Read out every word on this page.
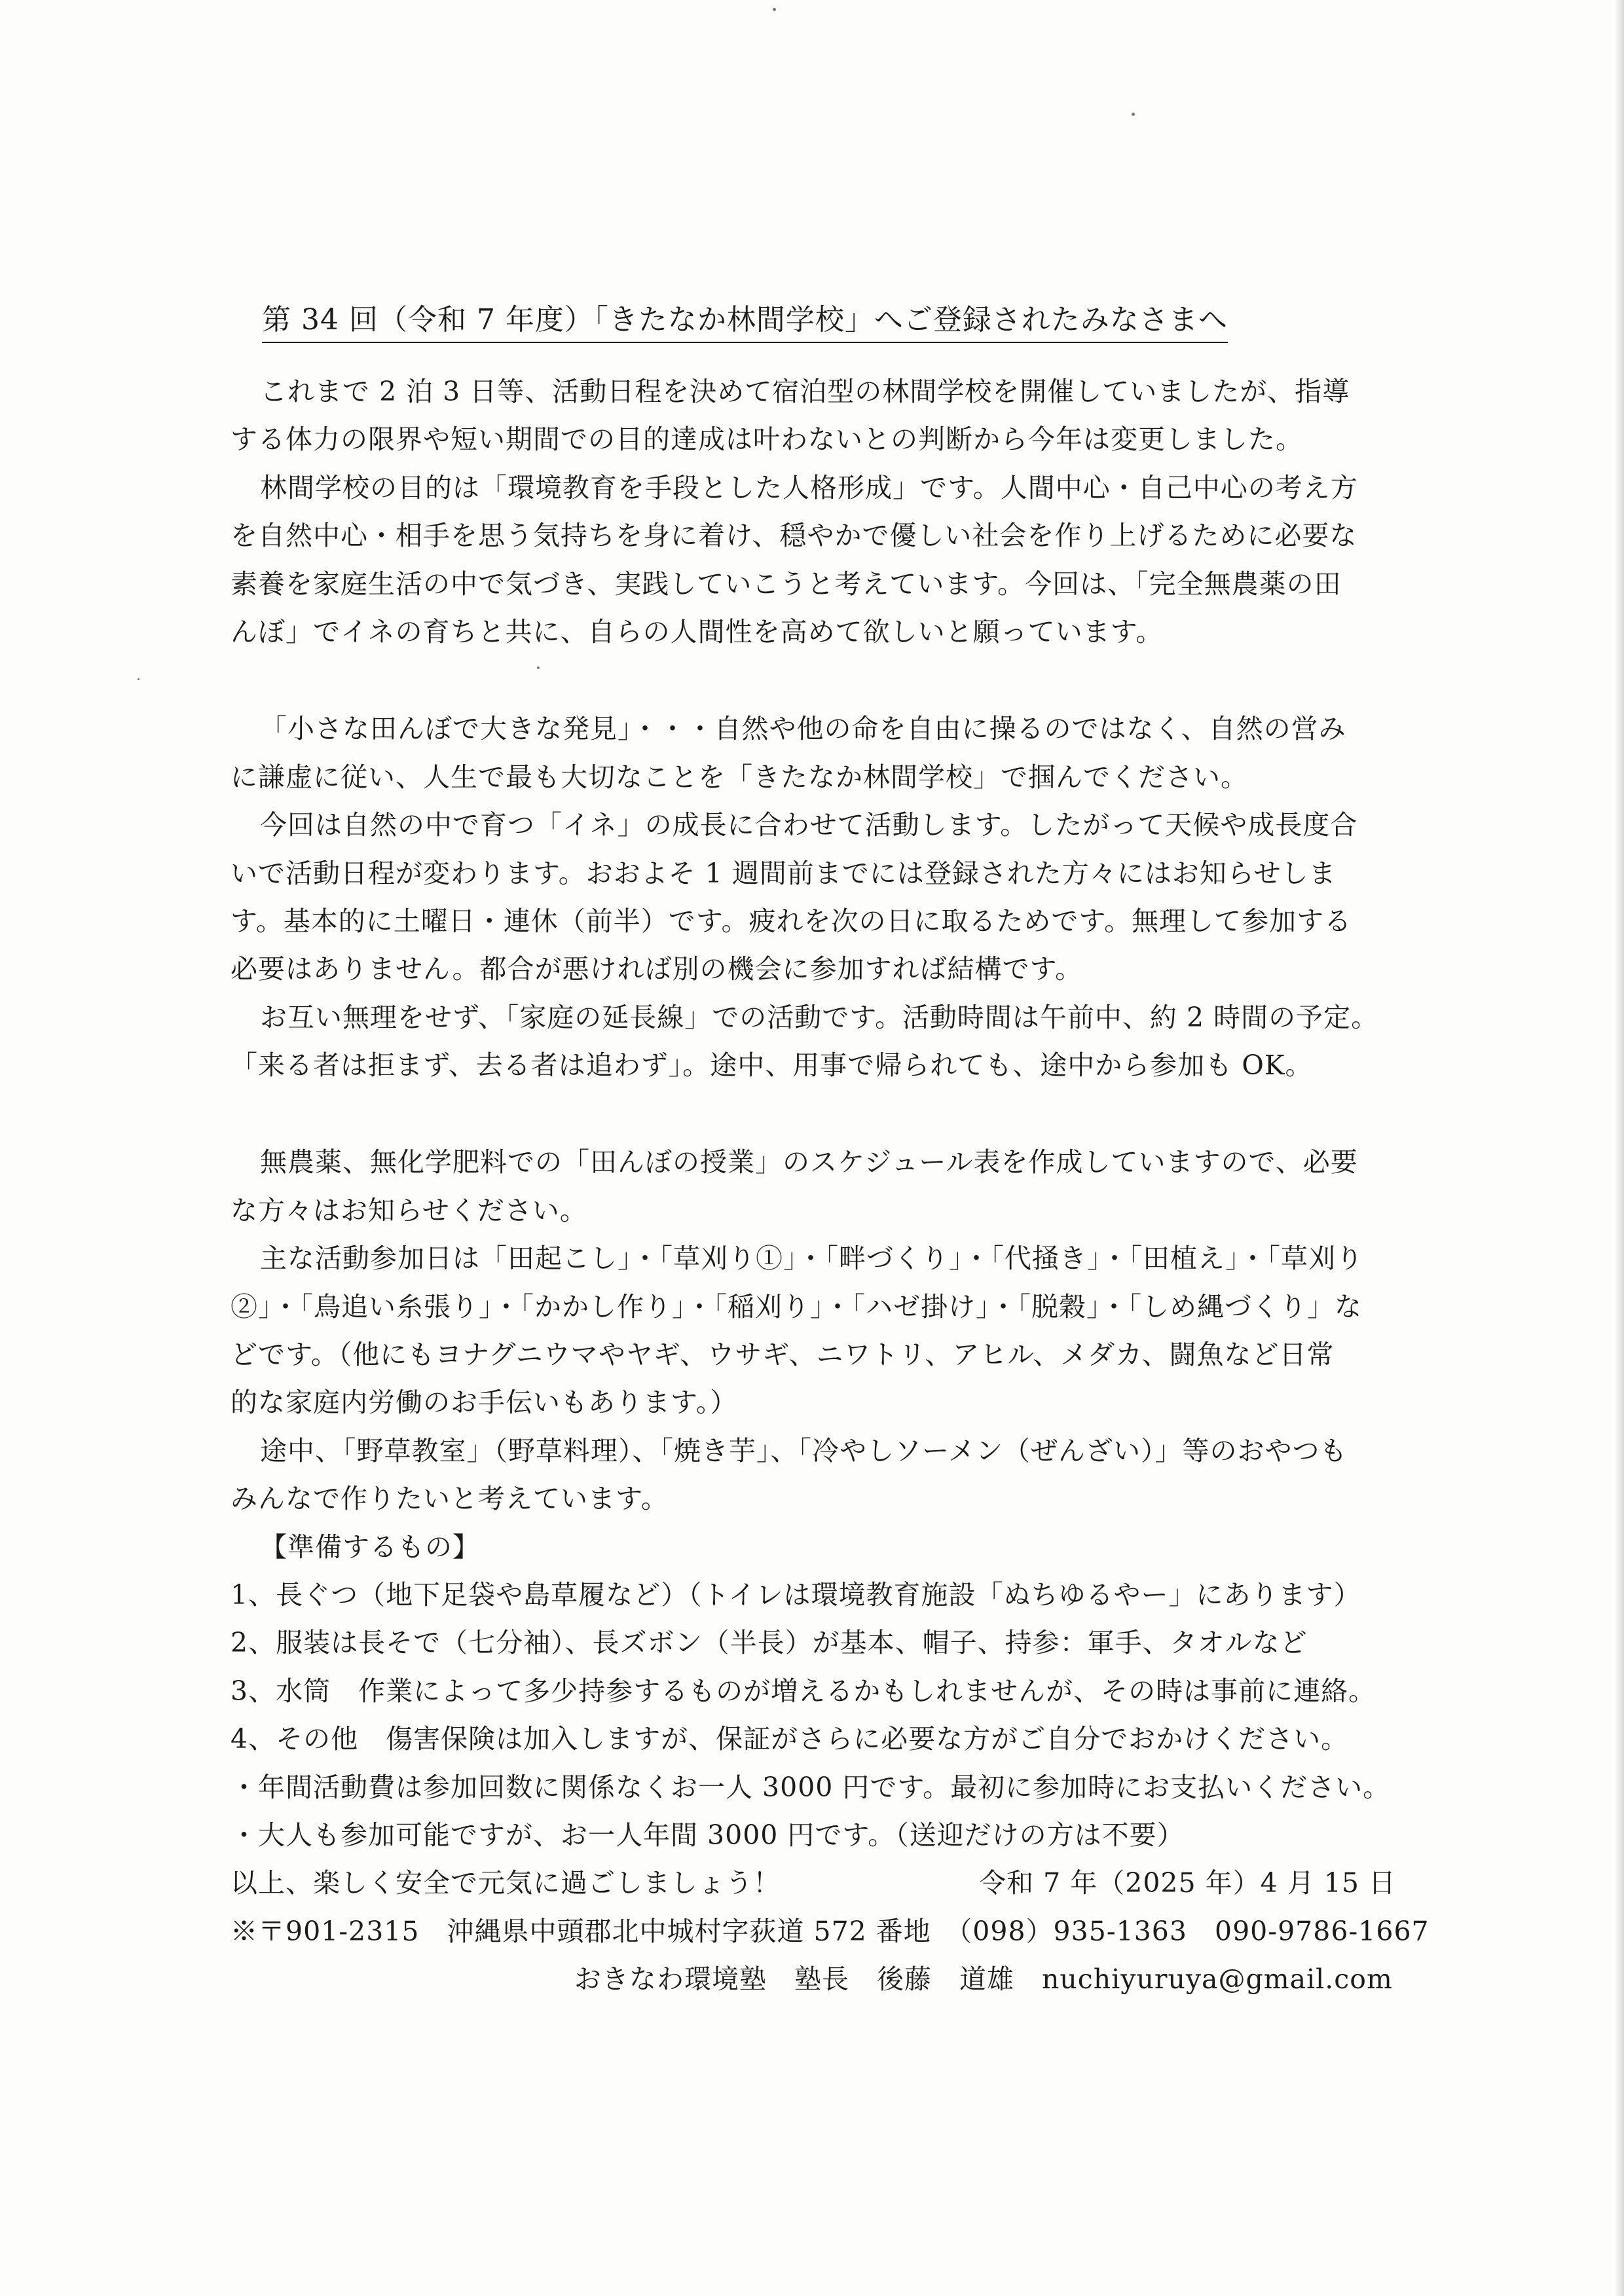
第 34 回（令和 7 年度）「きたなか林間学校」へご登録されたみなさまへ
これまで 2 泊 3 日等、活動日程を決めて宿泊型の林間学校を開催していましたが、指導
する体力の限界や短い期間での目的達成は叶わないとの判断から今年は変更しました。
林間学校の目的は「環境教育を手段とした人格形成」です。人間中心・自己中心の考え方
を自然中心・相手を思う気持ちを身に着け、穏やかで優しい社会を作り上げるために必要な
素養を家庭生活の中で気づき、実践していこうと考えています。今回は、「完全無農薬の田
んぼ」でイネの育ちと共に、自らの人間性を高めて欲しいと願っています。
「小さな田んぼで大きな発見」・・・自然や他の命を自由に操るのではなく、自然の営み
に謙虚に従い、人生で最も大切なことを「きたなか林間学校」で掴んでください。
今回は自然の中で育つ「イネ」の成長に合わせて活動します。したがって天候や成長度合
いで活動日程が変わります。おおよそ 1 週間前までには登録された方々にはお知らせしま
す。基本的に土曜日・連休（前半）です。疲れを次の日に取るためです。無理して参加する
必要はありません。都合が悪ければ別の機会に参加すれば結構です。
お互い無理をせず、「家庭の延長線」での活動です。活動時間は午前中、約 2 時間の予定。
「来る者は拒まず、去る者は追わず」。途中、用事で帰られても、途中から参加も OK。
無農薬、無化学肥料での「田んぼの授業」のスケジュール表を作成していますので、必要
な方々はお知らせください。
主な活動参加日は「田起こし」・「草刈り①」・「畔づくり」・「代掻き」・「田植え」・「草刈り
②」・「鳥追い糸張り」・「かかし作り」・「稲刈り」・「ハゼ掛け」・「脱穀」・「しめ縄づくり」な
どです。（他にもヨナグニウマやヤギ、ウサギ、ニワトリ、アヒル、メダカ、闘魚など日常
的な家庭内労働のお手伝いもあります。）
途中、「野草教室」（野草料理）、「焼き芋」、「冷やしソーメン（ぜんざい）」等のおやつも
みんなで作りたいと考えています。
【準備するもの】
1、長ぐつ（地下足袋や島草履など）（トイレは環境教育施設「ぬちゆるやー」にあります）
2、服装は長そで（七分袖）、長ズボン（半長）が基本、帽子、持参：軍手、タオルなど
3、水筒　作業によって多少持参するものが増えるかもしれませんが、その時は事前に連絡。
4、その他　傷害保険は加入しますが、保証がさらに必要な方がご自分でおかけください。
・年間活動費は参加回数に関係なくお一人 3000 円です。最初に参加時にお支払いください。
・大人も参加可能ですが、お一人年間 3000 円です。（送迎だけの方は不要）
以上、楽しく安全で元気に過ごしましょう！	令和 7 年（2025 年）4 月 15 日
※〒901-2315　沖縄県中頭郡北中城村字荻道 572 番地　（098）935-1363　090-9786-1667
おきなわ環境塾　塾長　後藤　道雄　nuchiyuruya@gmail.com
